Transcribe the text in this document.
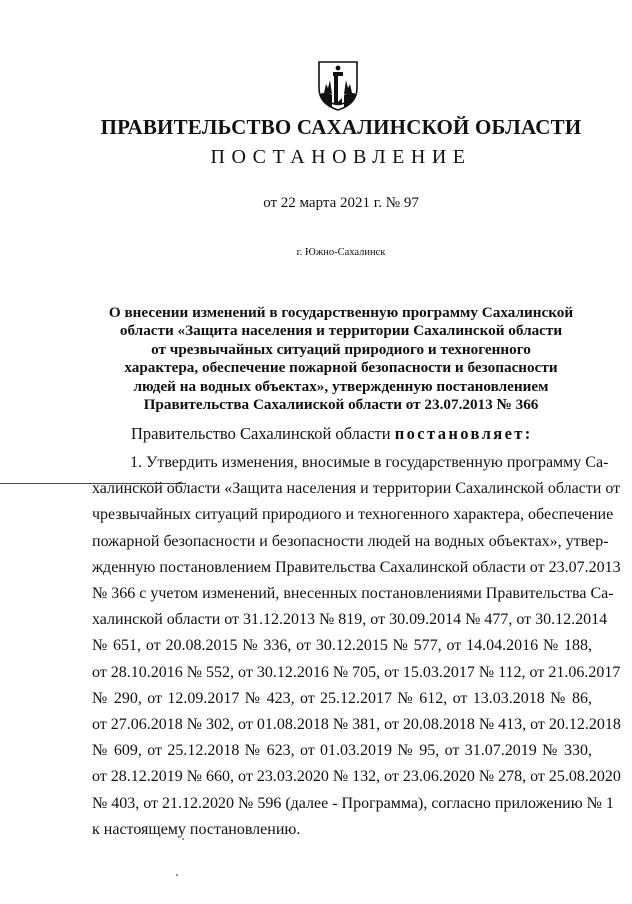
ПРАВИТЕЛЬСТВО САХАЛИНСКОЙ ОБЛАСТИ
ПОСТАНОВЛЕНИЕ
от 22 марта 2021 г. № 97
г. Южно-Сахалинск
О внесении изменений в государственную программу Сахалинской
области «Защита населения и территории Сахалинской области
от чрезвычайных ситуаций природиого и техногенного
характера, обеспечение пожарной безопасности и безопасности
людей на водных объектах», утвержденную постановлением
Правительства Сахалииской области от 23.07.2013 № 366
Правительство Сахалинской области постановляет:
1. Утвердить изменения, вносимые в государственную программу Са-
халинской области «Защита населения и территории Сахалинской области от
чрезвычайных ситуаций природиого и техногенного характера, обеспечение
пожарной безопасности и безопасности людей на водных объектах», утвер-
жденную постановлением Правительства Сахалинской области от 23.07.2013
№ 366 с учетом изменений, внесенных постановлениями Правительства Са-
халинской области от 31.12.2013 № 819, от 30.09.2014 № 477, от 30.12.2014
№ 651, от 20.08.2015 № 336, от 30.12.2015 № 577, от 14.04.2016 № 188,
от 28.10.2016 № 552, от 30.12.2016 № 705, от 15.03.2017 № 112, от 21.06.2017
№ 290, от 12.09.2017 № 423, от 25.12.2017 № 612, от 13.03.2018 № 86,
от 27.06.2018 № 302, от 01.08.2018 № 381, от 20.08.2018 № 413, от 20.12.2018
№ 609, от 25.12.2018 № 623, от 01.03.2019 № 95, от 31.07.2019 № 330,
от 28.12.2019 № 660, от 23.03.2020 № 132, от 23.06.2020 № 278, от 25.08.2020
№ 403, от 21.12.2020 № 596 (далее - Программа), согласно приложению № 1
к настоящему постановлению.
